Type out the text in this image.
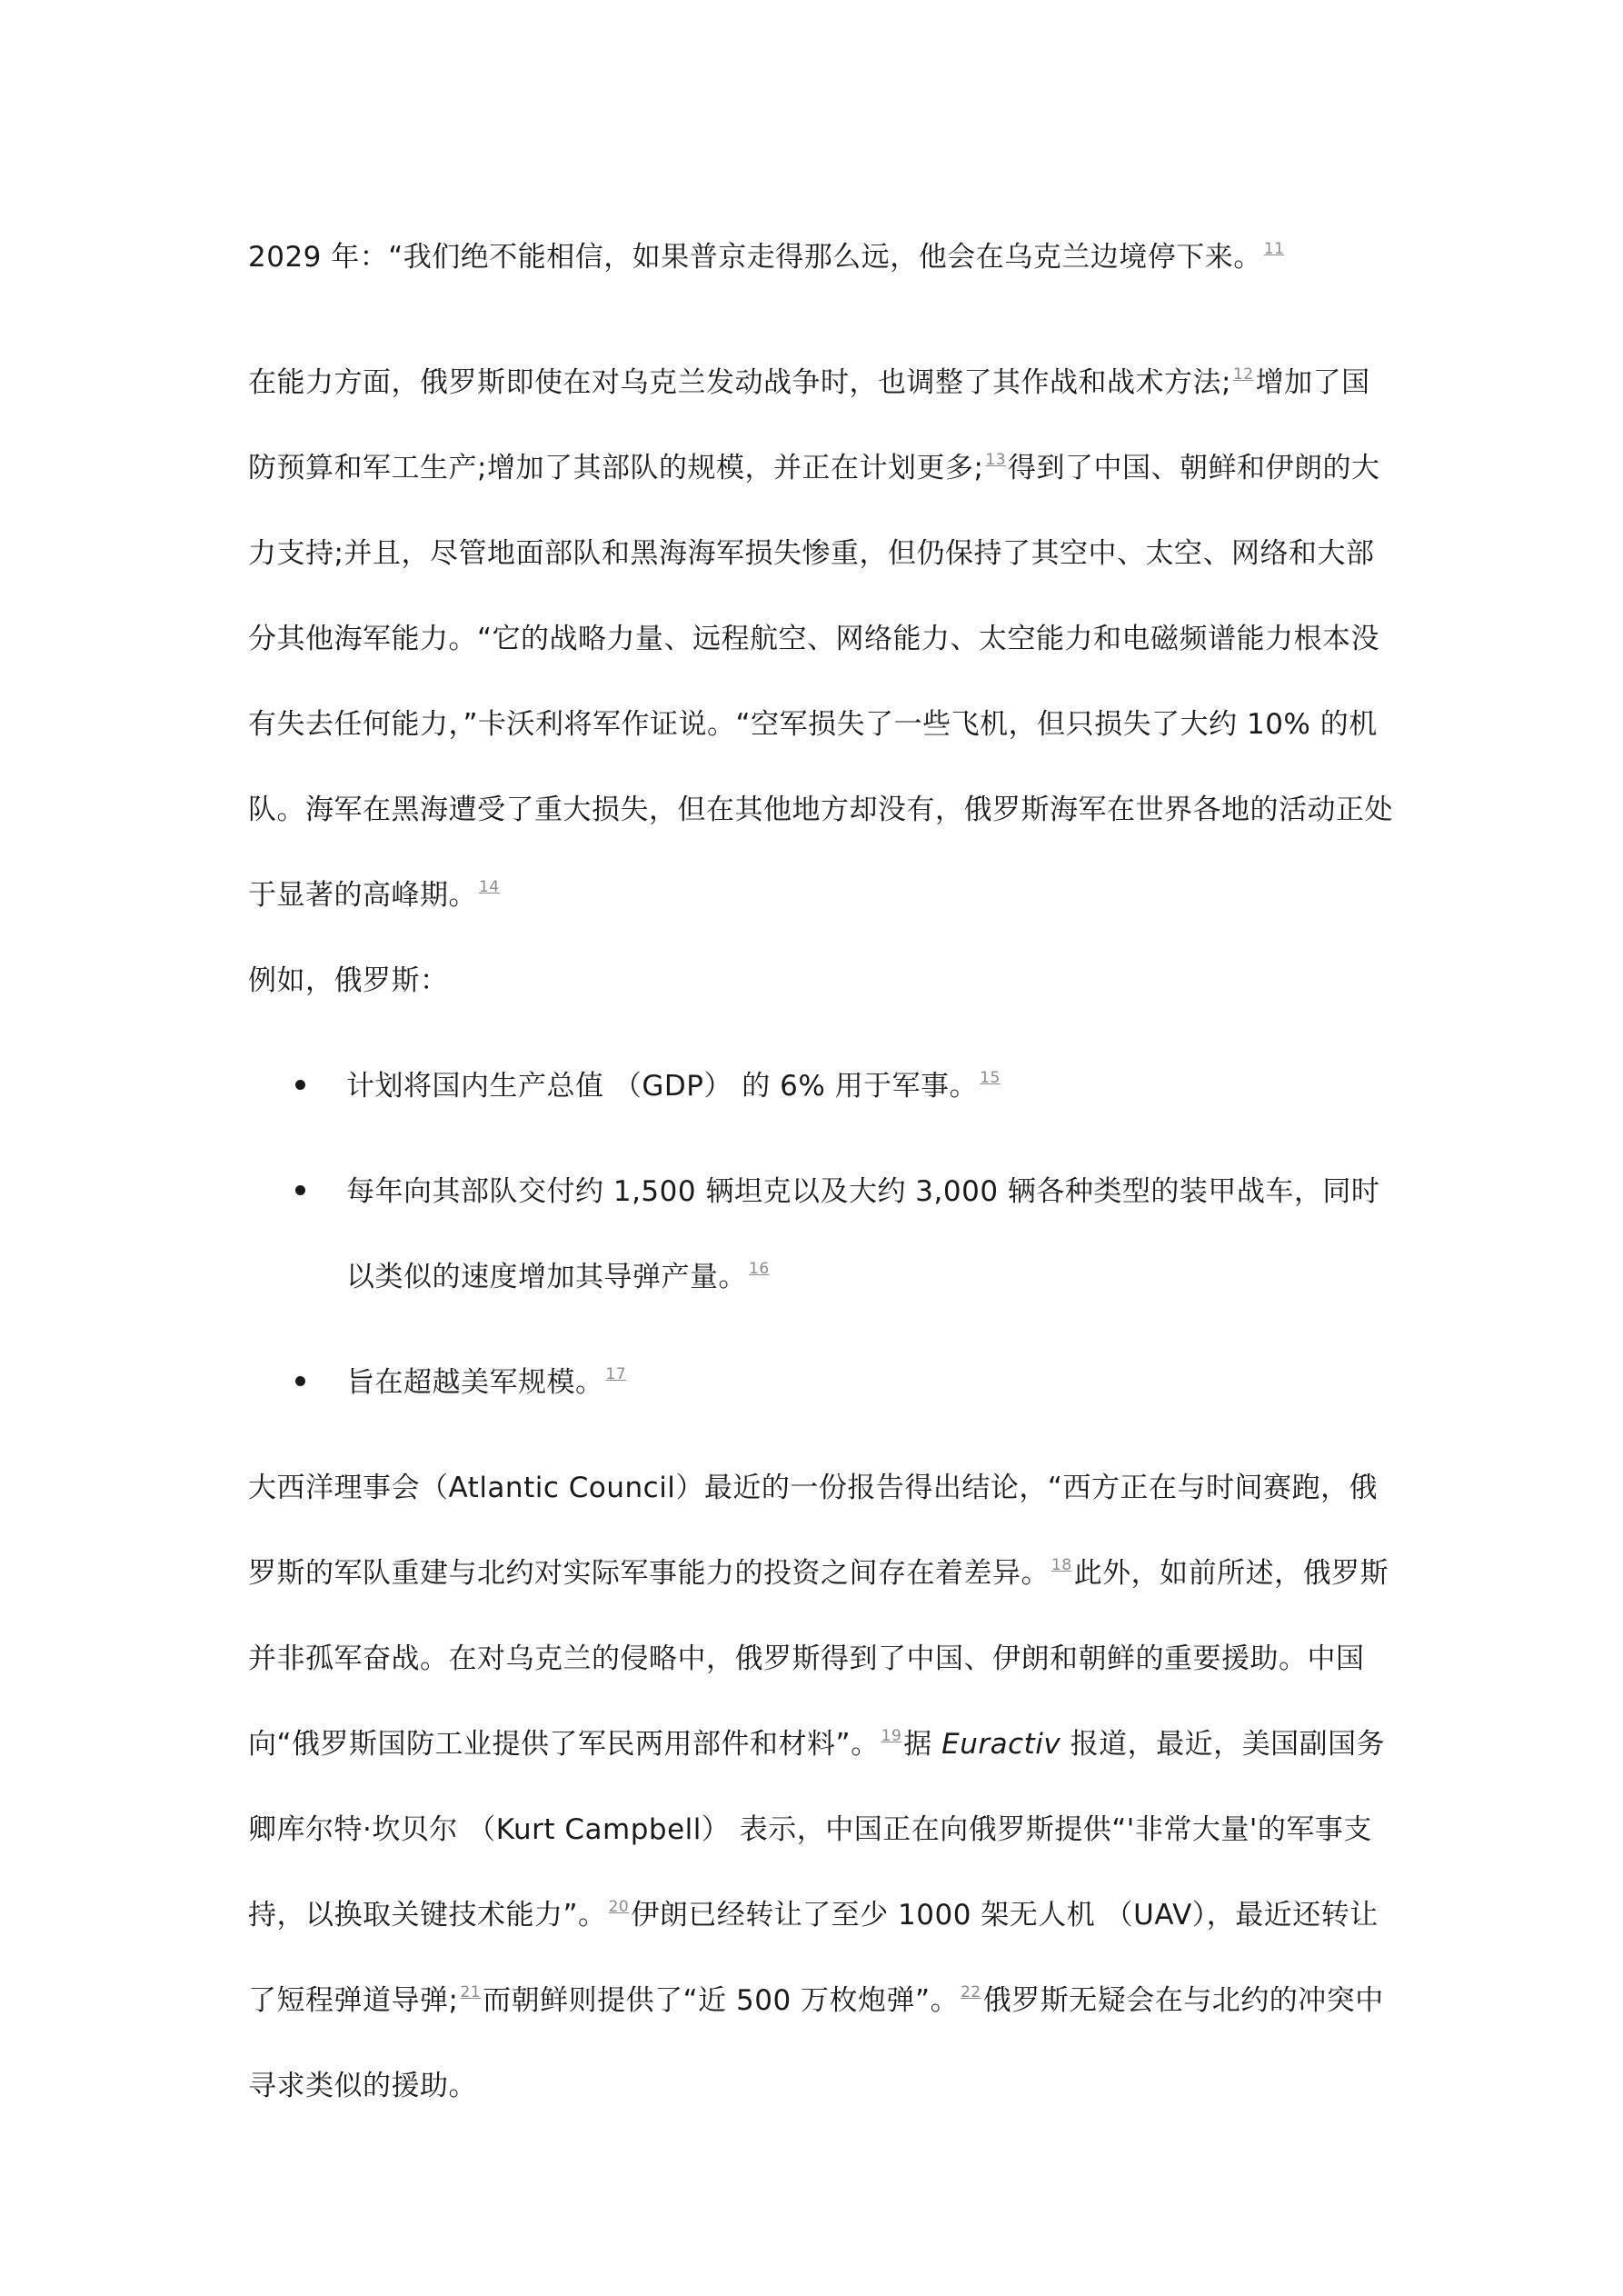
2029 年：“我们绝不能相信，如果普京走得那么远，他会在乌克兰边境停下来。 $^{11}$

在能力方面，俄罗斯即使在对乌克兰发动战争时，也调整了其作战和战术方法; $^{12}$增加了国防预算和军工生产;增加了其部队的规模，并正在计划更多; $^{13}$得到了中国、朝鲜和伊朗的大力支持;并且，尽管地面部队和黑海海军损失惨重，但仍保持了其空中、太空、网络和大部分其他海军能力。“它的战略力量、远程航空、网络能力、太空能力和电磁频谱能力根本没有失去任何能力，”卡沃利将军作证说。“空军损失了一些飞机，但只损失了大约 10% 的机队。海军在黑海遭受了重大损失，但在其他地方却没有，俄罗斯海军在世界各地的活动正处于显著的高峰期。 $^{14}$

例如，俄罗斯：

计划将国内生产总值 （GDP） 的 6% 用于军事。 $^{15}$
每年向其部队交付约 1,500 辆坦克以及大约 3,000 辆各种类型的装甲战车，同时以类似的速度增加其导弹产量。 $^{16}$
旨在超越美军规模。 $^{17}$

大西洋理事会（Atlantic Council）最近的一份报告得出结论，“西方正在与时间赛跑，俄罗斯的军队重建与北约对实际军事能力的投资之间存在着差异。 $^{18}$此外，如前所述，俄罗斯并非孤军奋战。在对乌克兰的侵略中，俄罗斯得到了中国、伊朗和朝鲜的重要援助。中国向“俄罗斯国防工业提供了军民两用部件和材料”。 $^{19}$据 Euractiv 报道，最近，美国副国务卿库尔特·坎贝尔 （Kurt Campbell） 表示，中国正在向俄罗斯提供“'非常大量'的军事支持，以换取关键技术能力”。 $^{20}$伊朗已经转让了至少 1000 架无人机 （UAV），最近还转让了短程弹道导弹; $^{21}$而朝鲜则提供了“近 500 万枚炮弹”。 $^{22}$俄罗斯无疑会在与北约的冲突中寻求类似的援助。
